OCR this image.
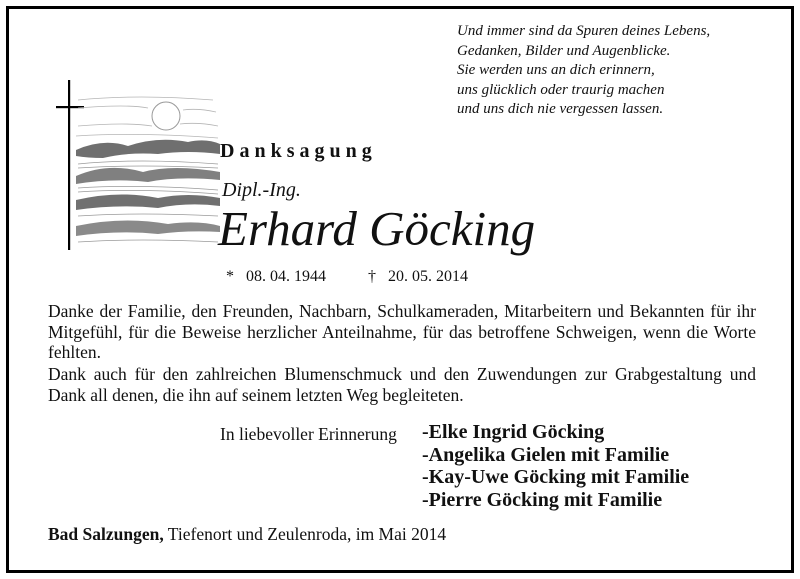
Und immer sind da Spuren deines Lebens,
Gedanken, Bilder und Augenblicke.
Sie werden uns an dich erinnern,
uns glücklich oder traurig machen
und uns dich nie vergessen lassen.
Danksagung
Dipl.-Ing.
Erhard Göcking
* 08. 04. 1944	† 20. 05. 2014
Danke der Familie, den Freunden, Nachbarn, Schulkameraden, Mitarbeitern und Bekannten für ihr Mitgefühl, für die Beweise herzlicher Anteilnahme, für das betroffene Schweigen, wenn die Worte fehlten.
Dank auch für den zahlreichen Blumenschmuck und den Zuwendungen zur Grabgestaltung und Dank all denen, die ihn auf seinem letzten Weg begleiteten.
In liebevoller Erinnerung -Elke Ingrid Göcking
-Angelika Gielen mit Familie
-Kay-Uwe Göcking mit Familie
-Pierre Göcking mit Familie
Bad Salzungen, Tiefenort und Zeulenroda, im Mai 2014
